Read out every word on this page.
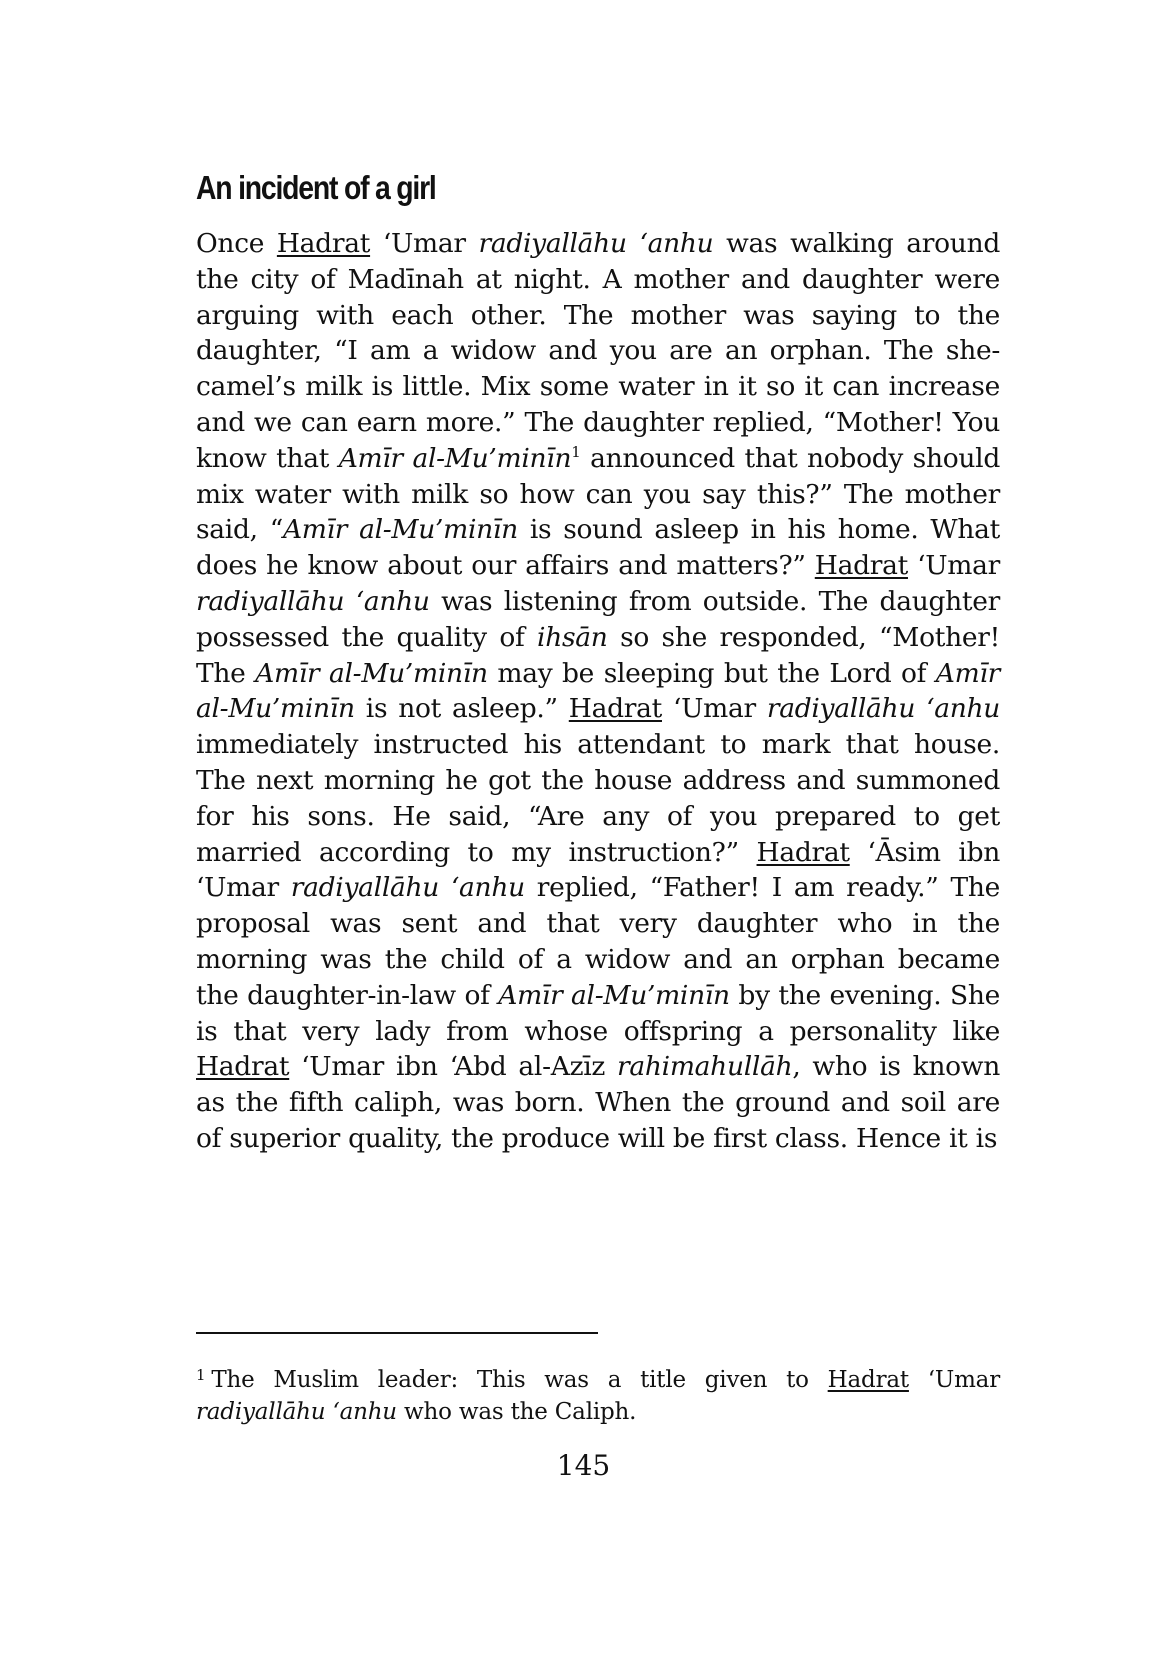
An incident of a girl

Once Hadrat ‘Umar radiyallāhu ‘anhu was walking around the city of Madīnah at night. A mother and daughter were arguing with each other. The mother was saying to the daughter, “I am a widow and you are an orphan. The she-camel’s milk is little. Mix some water in it so it can increase and we can earn more.” The daughter replied, “Mother! You know that Amīr al-Mu’minīn$^1$ announced that nobody should mix water with milk so how can you say this?” The mother said, “Amīr al-Mu’minīn is sound asleep in his home. What does he know about our affairs and matters?” Hadrat ‘Umar radiyallāhu ‘anhu was listening from outside. The daughter possessed the quality of ihsān so she responded, “Mother! The Amīr al-Mu’minīn may be sleeping but the Lord of Amīr al-Mu’minīn is not asleep.” Hadrat ‘Umar radiyallāhu ‘anhu immediately instructed his attendant to mark that house. The next morning he got the house address and summoned for his sons. He said, “Are any of you prepared to get married according to my instruction?” Hadrat ‘Āsim ibn ‘Umar radiyallāhu ‘anhu replied, “Father! I am ready.” The proposal was sent and that very daughter who in the morning was the child of a widow and an orphan became the daughter-in-law of Amīr al-Mu’minīn by the evening. She is that very lady from whose offspring a personality like Hadrat ‘Umar ibn ‘Abd al-Azīz rahimahullāh, who is known as the fifth caliph, was born. When the ground and soil are of superior quality, the produce will be first class. Hence it is

$^1$ The Muslim leader: This was a title given to Hadrat ‘Umar radiyallāhu ‘anhu who was the Caliph.

145
